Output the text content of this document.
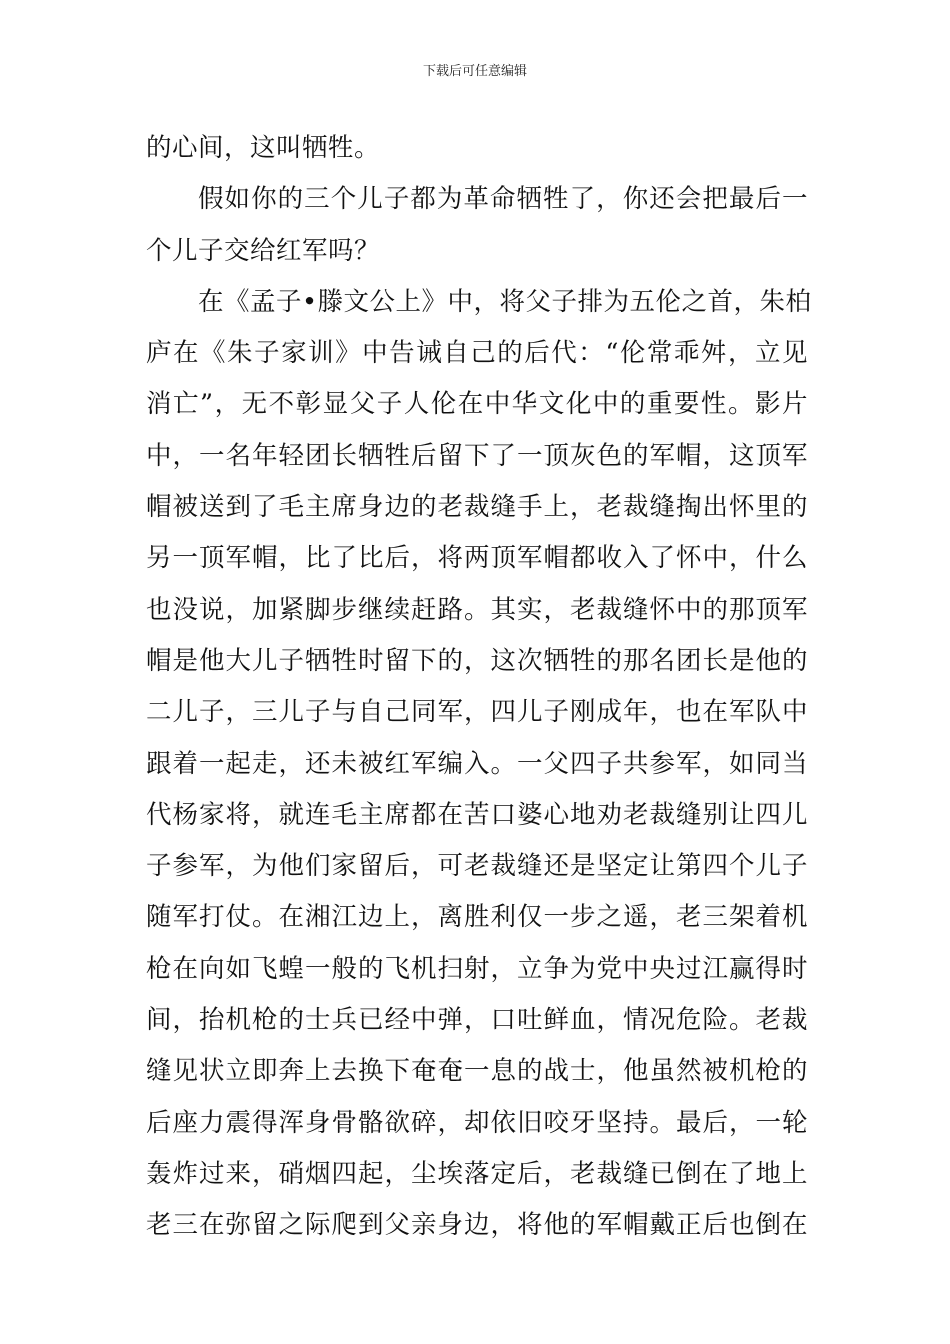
下载后可任意编辑
的心间，这叫牺牲。
假如你的三个儿子都为革命牺牲了，你还会把最后一
个儿子交给红军吗？
在《孟子•滕文公上》中，将父子排为五伦之首，朱柏
庐在《朱子家训》中告诫自己的后代：“伦常乖舛，立见
消亡”，无不彰显父子人伦在中华文化中的重要性。影片
中，一名年轻团长牺牲后留下了一顶灰色的军帽，这顶军
帽被送到了毛主席身边的老裁缝手上，老裁缝掏出怀里的
另一顶军帽，比了比后，将两顶军帽都收入了怀中，什么
也没说，加紧脚步继续赶路。其实，老裁缝怀中的那顶军
帽是他大儿子牺牲时留下的，这次牺牲的那名团长是他的
二儿子，三儿子与自己同军，四儿子刚成年，也在军队中
跟着一起走，还未被红军编入。一父四子共参军，如同当
代杨家将，就连毛主席都在苦口婆心地劝老裁缝别让四儿
子参军，为他们家留后，可老裁缝还是坚定让第四个儿子
随军打仗。在湘江边上，离胜利仅一步之遥，老三架着机
枪在向如飞蝗一般的飞机扫射，立争为党中央过江赢得时
间，抬机枪的士兵已经中弹，口吐鲜血，情况危险。老裁
缝见状立即奔上去换下奄奄一息的战士，他虽然被机枪的
后座力震得浑身骨骼欲碎，却依旧咬牙坚持。最后，一轮
轰炸过来，硝烟四起，尘埃落定后，老裁缝已倒在了地上
老三在弥留之际爬到父亲身边，将他的军帽戴正后也倒在
